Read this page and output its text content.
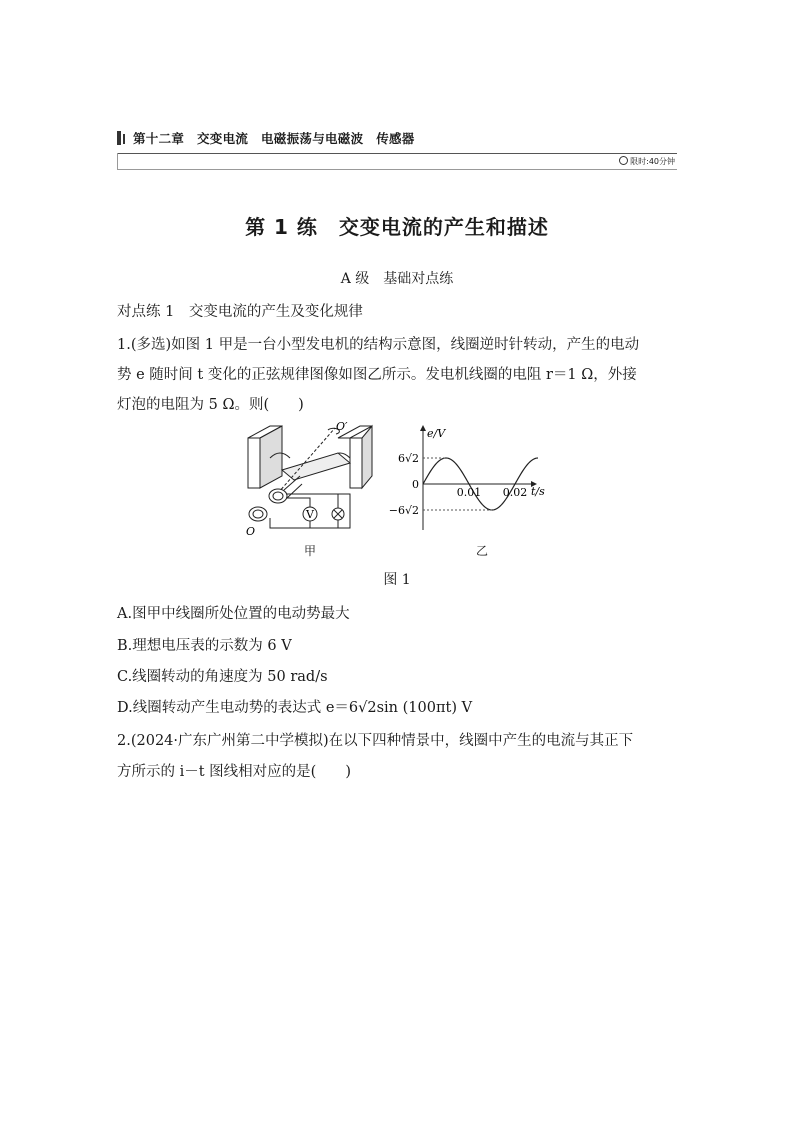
第十二章　交变电流　电磁振荡与电磁波　传感器
限时:40分钟
第 1 练　交变电流的产生和描述
A 级　基础对点练
对点练 1　交变电流的产生及变化规律
1.(多选)如图 1 甲是一台小型发电机的结构示意图，线圈逆时针转动，产生的电动
势 e 随时间 t 变化的正弦规律图像如图乙所示。发电机线圈的电阻 r＝1 Ω，外接
灯泡的电阻为 5 Ω。则(　　)
O′
O
V
甲
e/V
t/s
6√2
0
−6√2
0.01 0.02
乙
图 1
A.图甲中线圈所处位置的电动势最大
B.理想电压表的示数为 6 V
C.线圈转动的角速度为 50 rad/s
D.线圈转动产生电动势的表达式 e＝6√2sin (100πt) V
2.(2024·广东广州第二中学模拟)在以下四种情景中，线圈中产生的电流与其正下
方所示的 i－t 图线相对应的是(　　)
